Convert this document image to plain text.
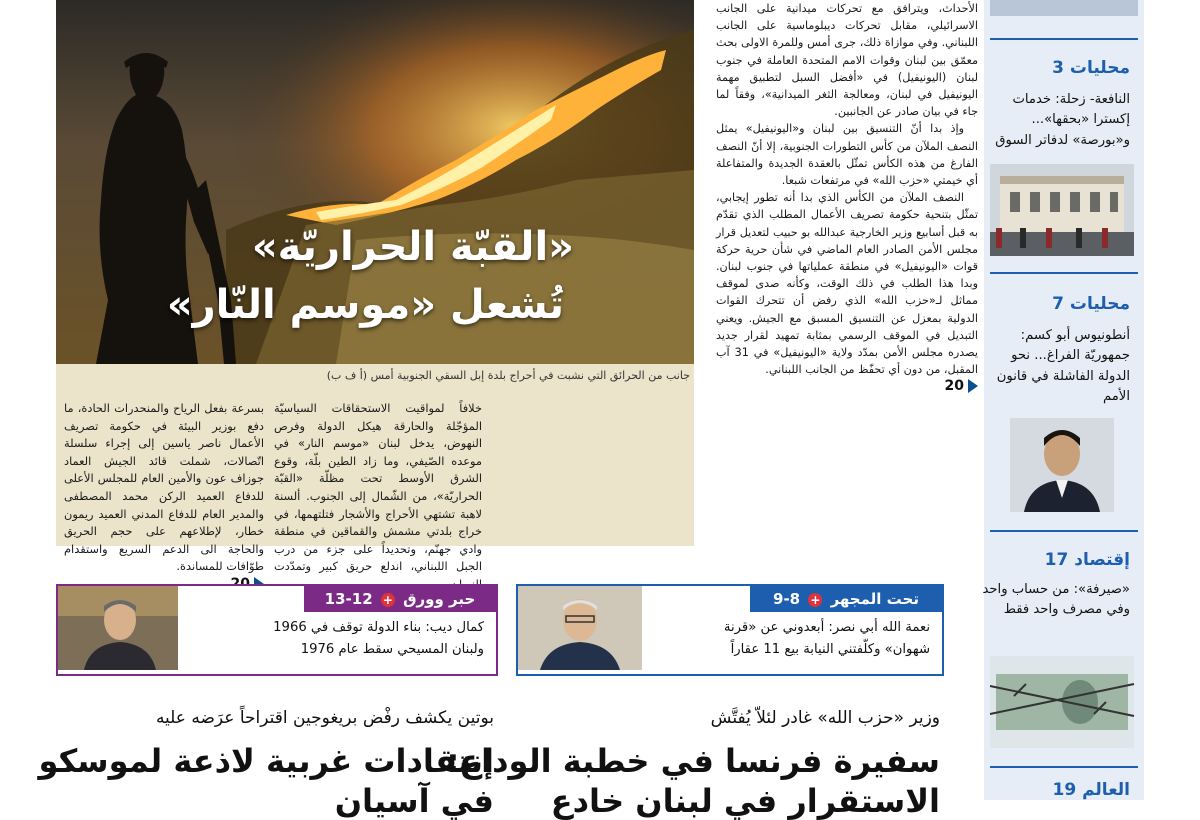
«القبّة الحراريّة»
تُشعل «موسم النّار»
جانب من الحرائق التي نشبت في أحراج بلدة إبل السقي الجنوبية أمس (أ ف ب)

بسرعة بفعل الرياح والمنحدرات الحادة، ما دفع بوزير البيئة في حكومة تصريف الأعمال ناصر ياسين إلى إجراء سلسلة اتّصالات، شملت قائد الجيش العماد جوزاف عون والأمين العام للمجلس الأعلى للدفاع العميد الركن محمد المصطفى والمدير العام للدفاع المدني العميد ريمون خطار، لإطلاعهم على حجم الحريق والحاجة الى الدعم السريع واستقدام طوّافات للمساندة.

خلافاً لمواقيت الاستحقاقات السياسيّة المؤجّلة والحارقة هيكل الدولة وفرص النهوض، يدخل لبنان «موسم النار» في موعده الصّيفي، وما زاد الطين بلّة، وقوع الشرق الأوسط تحت مظلّة «القبّة الحراريّة»، من الشّمال إلى الجنوب. ألسنة لاهبة تشتهي الأحراج والأشجار فتلتهمها، في خراج بلدتي مشمش والقماقين في منطقة وادي جهنّم، وتحديداً على جزء من درب الجبل اللبناني، اندلع حريق كبير وتمدّدت

الأحداث، ويترافق مع تحركات ميدانية على الجانب الاسرائيلي، مقابل تحركات ديبلوماسية على الجانب اللبناني. وفي موازاة ذلك، جرى أمس وللمرة الاولى بحث معمّق بين لبنان وقوات الامم المتحدة العاملة في جنوب لبنان (اليونيفيل) في «أفضل السبل لتطبيق مهمة اليونيفيل في لبنان، ومعالجة الثغر الميدانية»، وفقاً لما جاء في بيان صادر عن الجانبين.

وإذ بدا أنّ التنسيق بين لبنان و«اليونيفيل» يمثل النصف الملآن من كأس التطورات الجنوبية، إلا أنّ النصف الفارغ من هذه الكأس تمثّل بالعقدة الجديدة والمتفاعلة أي خيمتي «حزب الله» في مرتفعات شبعا.

النصف الملآن من الكأس الذي بدا أنه تطور إيجابي، تمثّل بتنحية حكومة تصريف الأعمال المطلب الذي تقدّم به قبل أسابيع وزير الخارجية عبدالله بو حبيب لتعديل قرار مجلس الأمن الصادر العام الماضي في شأن حرية حركة قوات «اليونيفيل» في منطقة عملياتها في جنوب لبنان. وبدا هذا الطلب في ذلك الوقت، وكأنه صدى لموقف مماثل لـ«حزب الله» الذي رفض أن تتحرك القوات الدولية بمعزل عن التنسيق المسبق مع الجيش. ويعني التبديل في الموقف الرسمي بمثابة تمهيد لقرار جديد يصدره مجلس الأمن بمدّد ولاية «اليونيفيل» في 31 آب المقبل، من دون أي تحفّظ من الجانب اللبناني.

20
محليات 3
النافعة- زحلة: خدمات إكسترا «بحقها»... و«بورصة» لدفاتر السوق
محليات 7
أنطونيوس أبو كسم: جمهوريّة الفراغ... نحو الدولة الفاشلة في قانون الأمم
إقتصاد 17
«صيرفة»: من حساب واحد وفي مصرف واحد فقط
العالم 19
حبر وورق + 12-13
كمال ديب: بناء الدولة توقف في 1966
ولبنان المسيحي سقط عام 1976
تحت المجهر + 8-9
نعمة الله أبي نصر: أبعدوني عن «قرنة
شهوان» وكلّفتني النيابة بيع 11 عقاراً
بوتين يكشف رفْض بريغوجين اقتراحاً عرَضه عليه
إنتقادات غربية لاذعة لموسكو
في آسيان
وزير «حزب الله» غادر لئلاّ يُفتَّش
سفيرة فرنسا في خطبة الوداع:
الاستقرار في لبنان خادع
